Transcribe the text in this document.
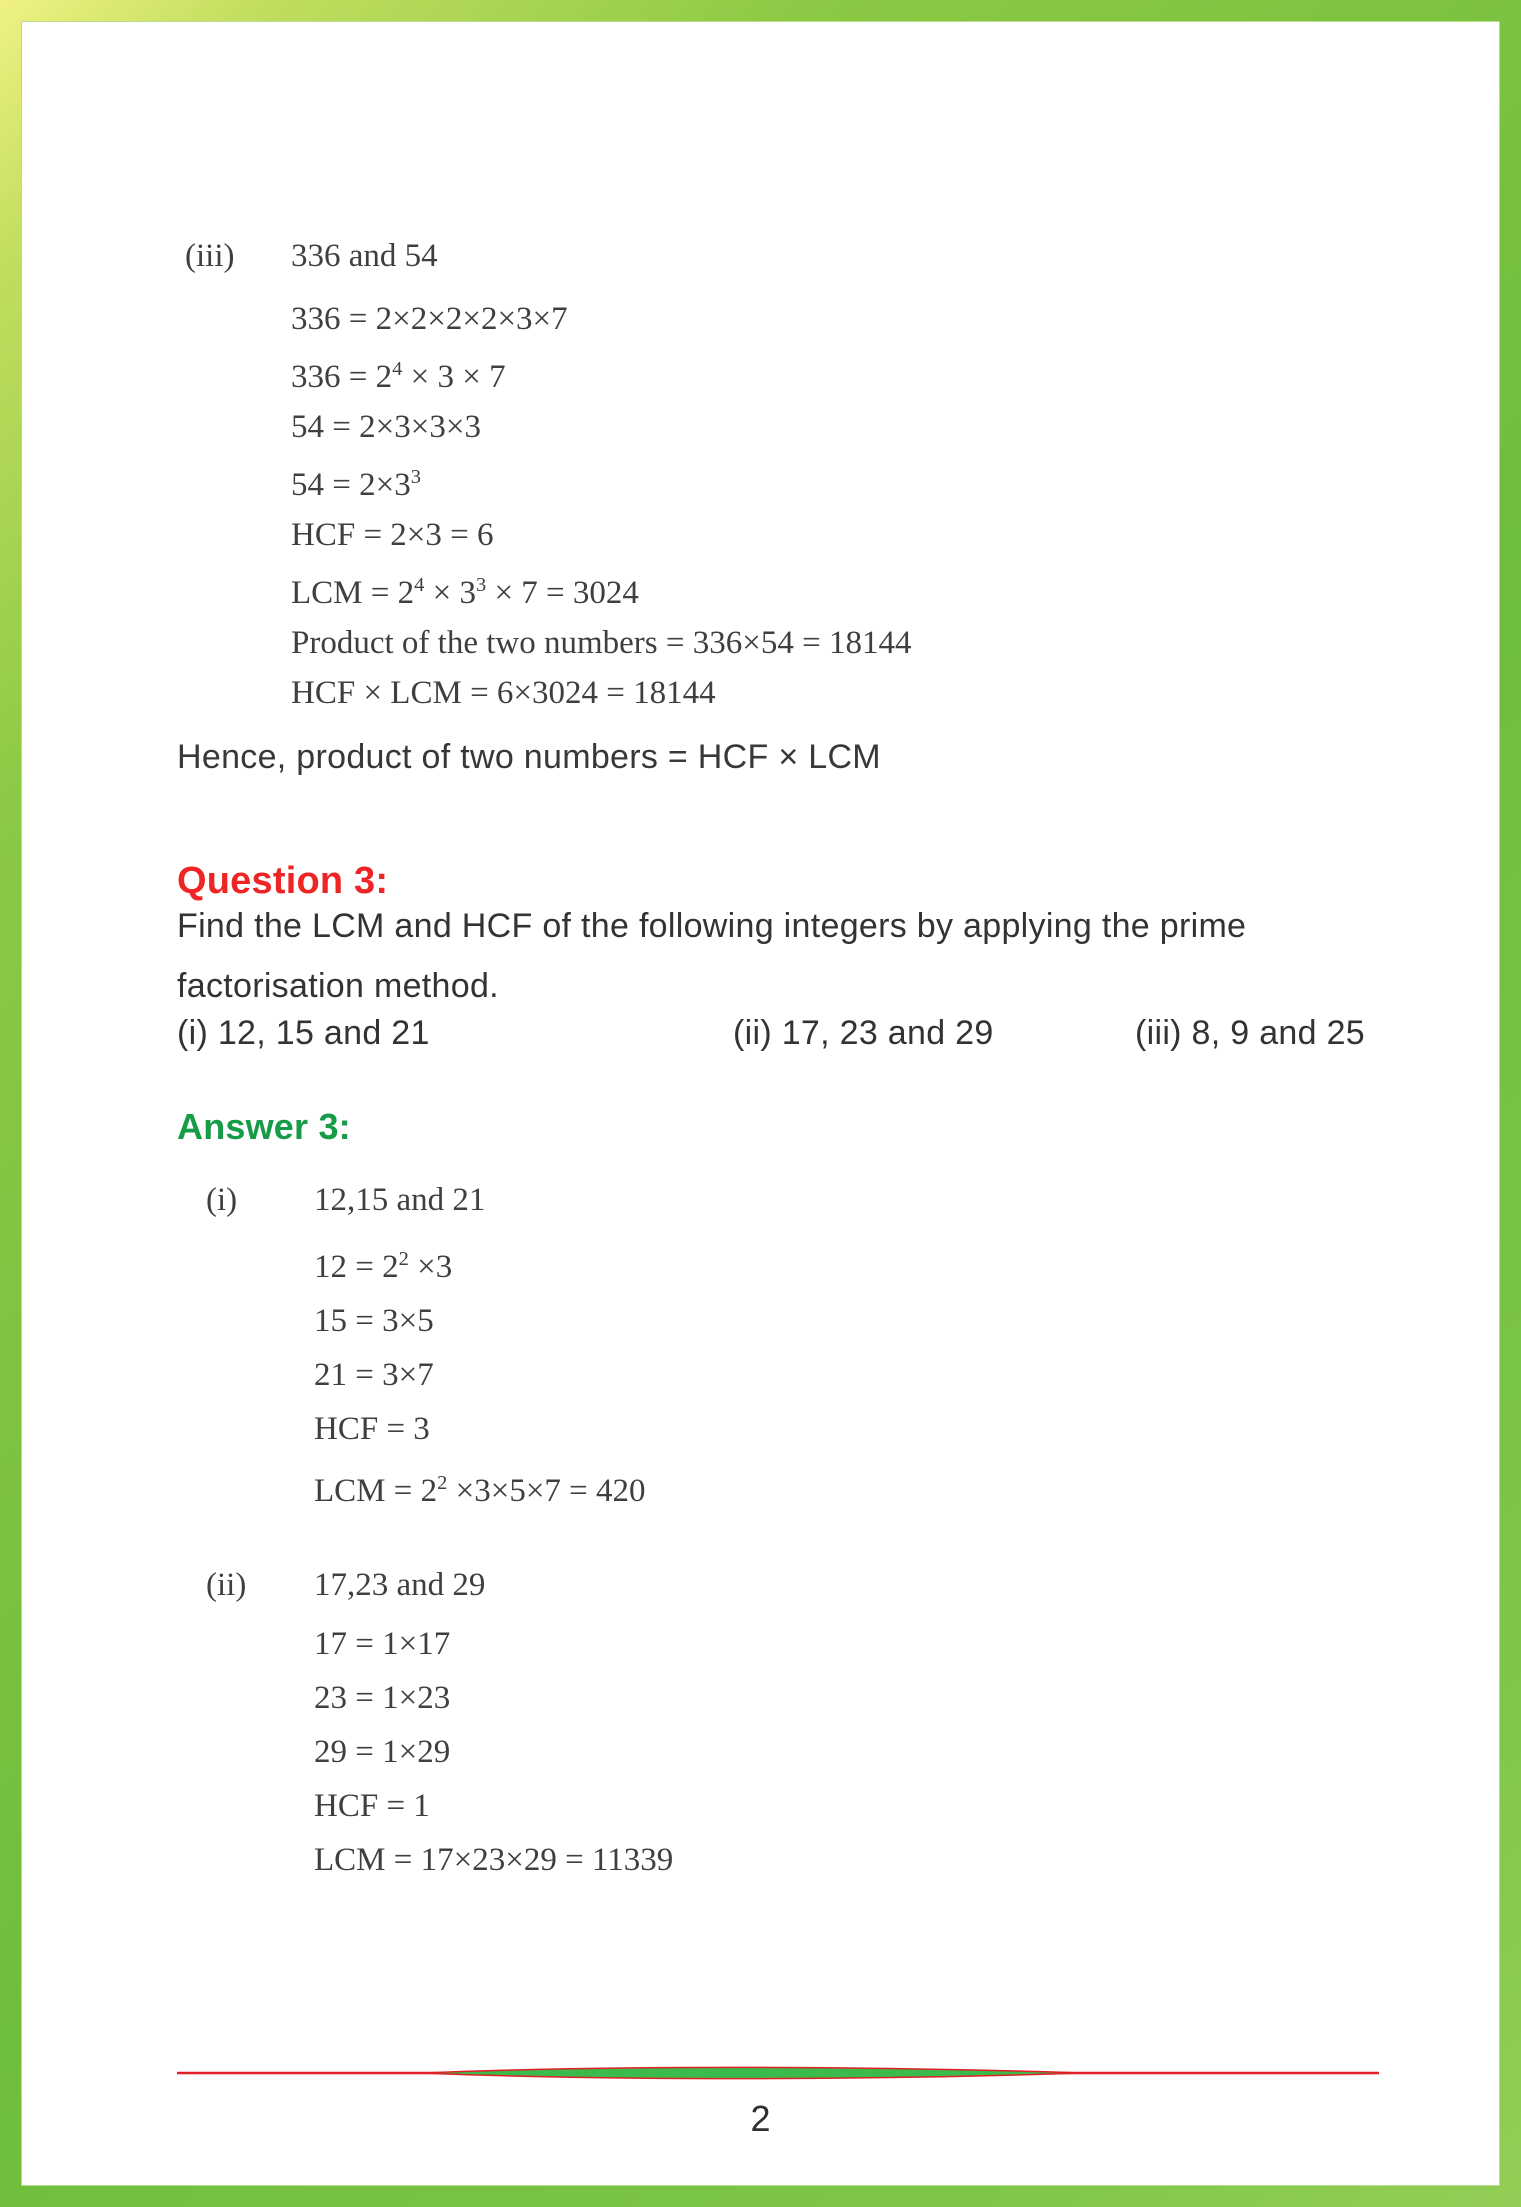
(iii) 336 and 54
336 = 2×2×2×2×3×7
$336 = 2^4 \times 3 \times 7$
54 = 2×3×3×3
$54 = 2\times 3^3$
HCF = 2×3 = 6
LCM = $2^4 \times 3^3 \times 7 = 3024$
Product of the two numbers = 336×54 = 18144
HCF × LCM = 6×3024 = 18144

Hence, product of two numbers = HCF × LCM

Question 3:
Find the LCM and HCF of the following integers by applying the prime
factorisation method.
(i) 12, 15 and 21	(ii) 17, 23 and 29	(iii) 8, 9 and 25
Answer 3:
(i) 12,15 and 21
$12 = 2^2 \times 3$
15 = 3×5
21 = 3×7
HCF = 3
LCM = $2^2 \times 3\times 5\times 7 = 420$
(ii) 17,23 and 29
17 = 1×17
23 = 1×23
29 = 1×29
HCF = 1
LCM = 17×23×29 = 11339
2
